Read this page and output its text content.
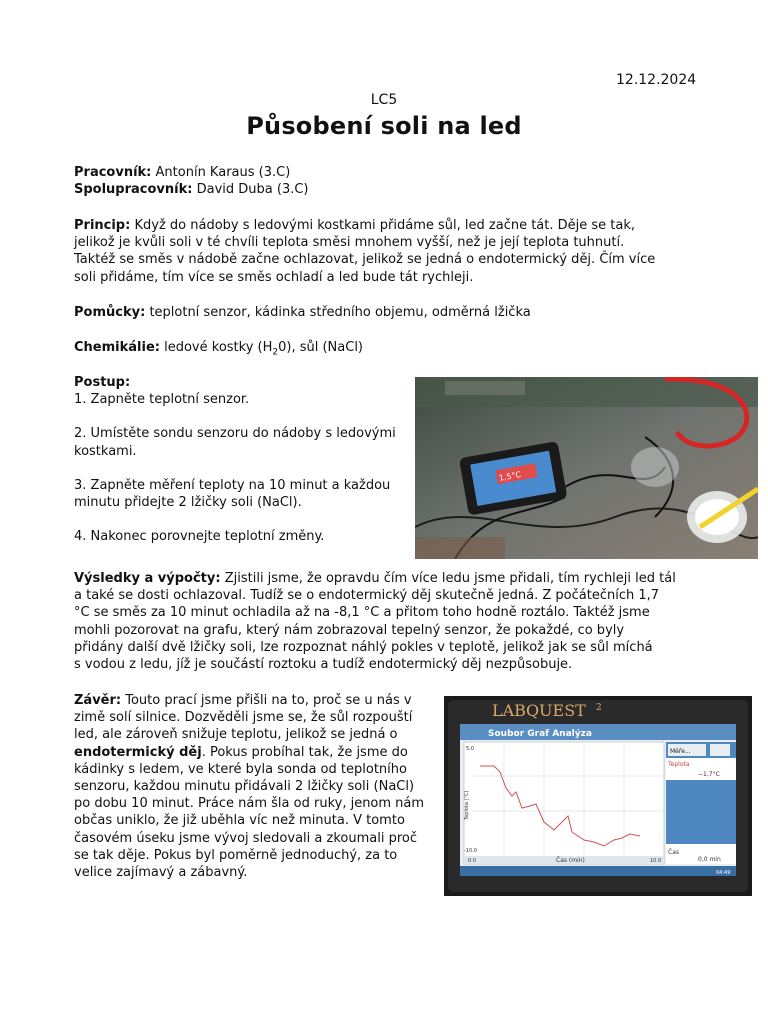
12.12.2024
LC5
Působení soli na led

Pracovník: Antonín Karaus (3.C)

Spolupracovník: David Duba (3.C)

Princip: Když do nádoby s ledovými kostkami přidáme sůl, led začne tát. Děje se tak,

jelikož je kvůli soli v té chvíli teplota směsi mnohem vyšší, než je její teplota tuhnutí.

Taktéž se směs v nádobě začne ochlazovat, jelikož se jedná o endotermický děj. Čím více

soli přidáme, tím více se směs ochladí a led bude tát rychleji.

Pomůcky: teplotní senzor, kádinka středního objemu, odměrná lžička

Chemikálie: ledové kostky $(H_20)$, sůl (NaCl)

Postup:

1. Zapněte teplotní senzor.

2. Umístěte sondu senzoru do nádoby s ledovými

kostkami.

3. Zapněte měření teploty na 10 minut a každou

minutu přidejte 2 lžičky soli (NaCl).

4. Nakonec porovnejte teplotní změny.

1,5°C

Výsledky a výpočty: Zjistili jsme, že opravdu čím více ledu jsme přidali, tím rychleji led tál

a také se dosti ochlazoval. Tudíž se o endotermický děj skutečně jedná. Z počátečních 1,7

°C se směs za 10 minut ochladila až na -8,1 °C a přitom toho hodně roztálo. Taktéž jsme

mohli pozorovat na grafu, který nám zobrazoval tepelný senzor, že pokaždé, co byly

přidány další dvě lžičky soli, lze rozpoznat náhlý pokles v teplotě, jelikož jak se sůl míchá

s vodou z ledu, jíž je součástí roztoku a tudíž endotermický děj nezpůsobuje.

Závěr: Touto prací jsme přišli na to, proč se u nás v

zimě solí silnice. Dozvěděli jsme se, že sůl rozpouští

led, ale zároveň snižuje teplotu, jelikož se jedná o

endotermický děj. Pokus probíhal tak, že jsme do

kádinky s ledem, ve které byla sonda od teplotního

senzoru, každou minutu přidávali 2 lžičky soli (NaCl)

po dobu 10 minut. Práce nám šla od ruky, jenom nám

občas uniklo, že již uběhla víc než minuta. V tomto

časovém úseku jsme vývoj sledovali a zkoumali proč

se tak děje. Pokus byl poměrně jednoduchý, za to

velice zajímavý a zábavný.

LABQUEST 2
Soubor Graf Analýza
5.0
-10.0
Teplota (°C)
0.0	Čas (min)	10.0
Měře...
Teplota
−1,7°C
Čas
0,0 min
04:49
